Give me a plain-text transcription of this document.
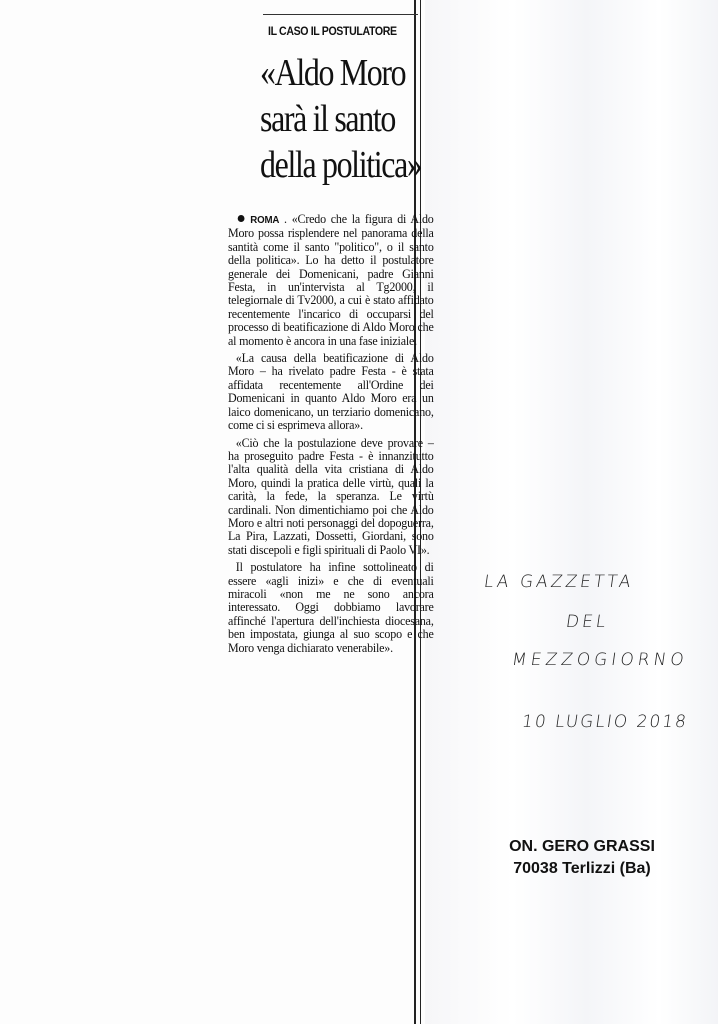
IL CASO IL POSTULATORE
«Aldo Moro
sarà il santo
della politica»

ROMA . «Credo che la figura di Aldo Moro possa risplendere nel panorama della santità come il santo "politico", o il santo della politica». Lo ha detto il postulatore generale dei Domenicani, padre Gianni Festa, in un'intervista al Tg2000, il telegiornale di Tv2000, a cui è stato affidato recentemente l'incarico di occuparsi del processo di beatificazione di Aldo Moro che al momento è ancora in una fase iniziale.

«La causa della beatificazione di Aldo Moro – ha rivelato padre Festa - è stata affidata recentemente all'Ordine dei Domenicani in quanto Aldo Moro era un laico domenicano, un terziario domenicano, come ci si esprimeva allora».

«Ciò che la postulazione deve provare – ha proseguito padre Festa - è innanzitutto l'alta qualità della vita cristiana di Aldo Moro, quindi la pratica delle virtù, quali la carità, la fede, la speranza. Le virtù cardinali. Non dimentichiamo poi che Aldo Moro e altri noti personaggi del dopoguerra, La Pira, Lazzati, Dossetti, Giordani, sono stati discepoli e figli spirituali di Paolo VI».

Il postulatore ha infine sottolineato di essere «agli inizi» e che di eventuali miracoli «non me ne sono ancora interessato. Oggi dobbiamo lavorare affinché l'apertura dell'inchiesta diocesana, ben impostata, giunga al suo scopo e che Moro venga dichiarato venerabile».

LA GAZZETTA
DEL
MEZZOGIORNO
10 LUGLIO 2018
ON. GERO GRASSI
70038 Terlizzi (Ba)
